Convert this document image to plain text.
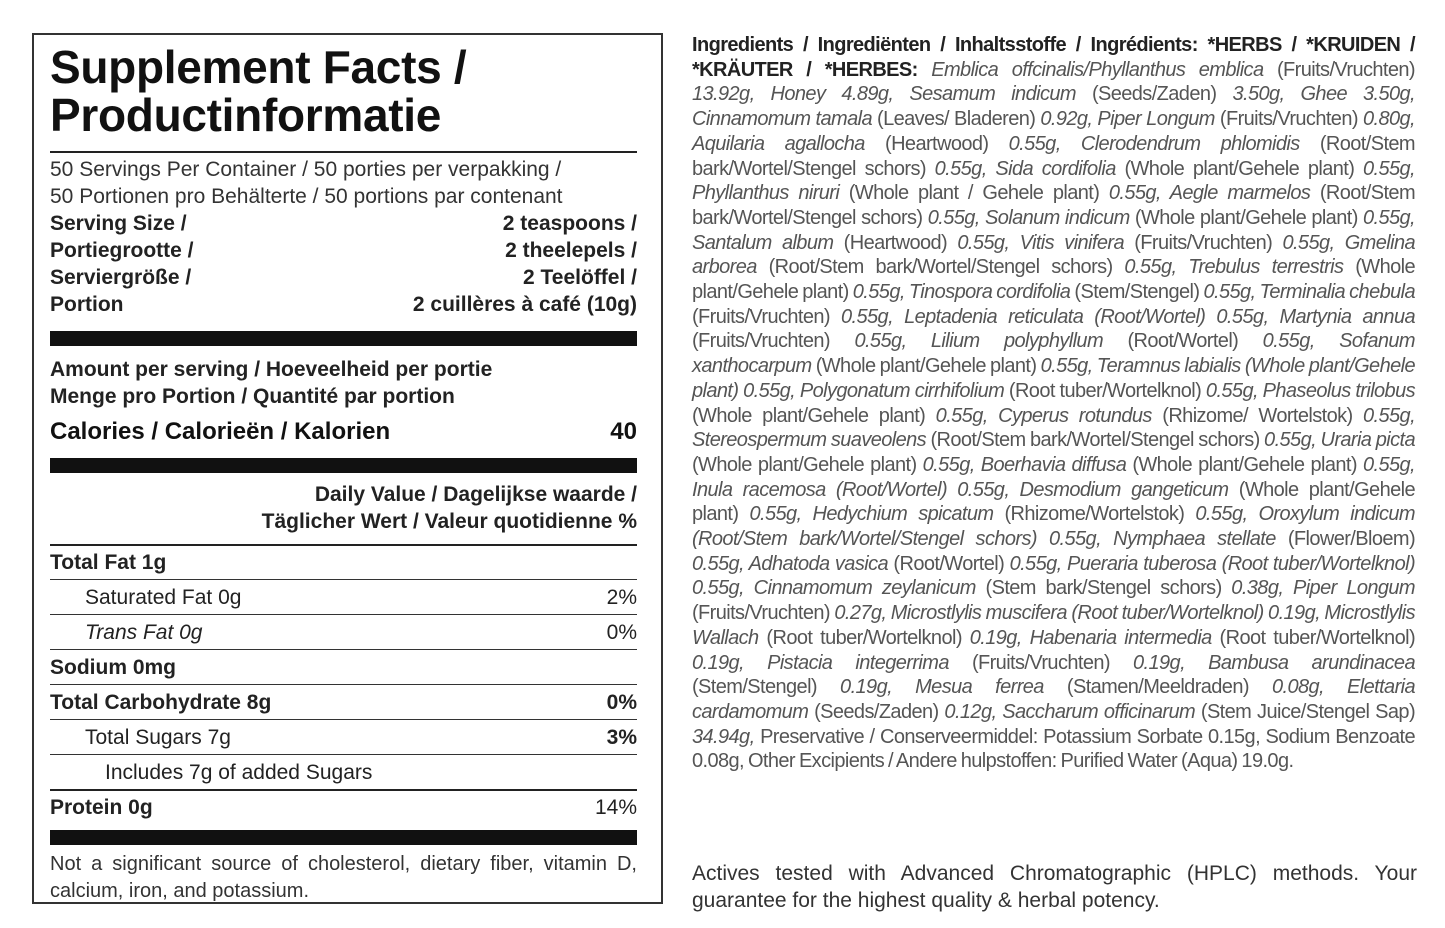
Supplement Facts /
Productinformatie
50 Servings Per Container / 50 porties per verpakking /
50 Portionen pro Behälterte / 50 portions par contenant
Serving Size /	2 teaspoons /
Portiegrootte /	2 theelepels /
Serviergröße /	2 Teelöffel /
Portion	2 cuillères à café (10g)
Amount per serving / Hoeveelheid per portie
Menge pro Portion / Quantité par portion
Calories / Calorieën / Kalorien	40
Daily Value / Dagelijkse waarde /
Täglicher Wert / Valeur quotidienne %
Total Fat 1g
Saturated Fat 0g	2%
Trans Fat 0g	0%
Sodium 0mg
Total Carbohydrate 8g	0%
Total Sugars 7g	3%
Includes 7g of added Sugars
Protein 0g	14%
Not a significant source of cholesterol, dietary fiber, vitamin D, calcium, iron, and potassium.
Ingredients / Ingrediënten / Inhaltsstoffe / Ingrédients: *HERBS / *KRUIDEN / *KRÄUTER / *HERBES: Emblica offcinalis/Phyllanthus emblica (Fruits/Vruchten) 13.92g, Honey 4.89g, Sesamum indicum (Seeds/Zaden) 3.50g, Ghee 3.50g, Cinnamomum tamala (Leaves/ Bladeren) 0.92g, Piper Longum (Fruits/Vruchten) 0.80g, Aquilaria agallocha (Heartwood) 0.55g, Clerodendrum phlomidis (Root/Stem bark/Wortel/Stengel schors) 0.55g, Sida cordifolia (Whole plant/Gehele plant) 0.55g, Phyllanthus niruri (Whole plant / Gehele plant) 0.55g, Aegle marmelos (Root/Stem bark/Wortel/Stengel schors) 0.55g, Solanum indicum (Whole plant/Gehele plant) 0.55g, Santalum album (Heartwood) 0.55g, Vitis vinifera (Fruits/Vruchten) 0.55g, Gmelina arborea (Root/Stem bark/Wortel/Stengel schors) 0.55g, Trebulus terrestris (Whole plant/Gehele plant) 0.55g, Tinospora cordifolia (Stem/Stengel) 0.55g, Terminalia chebula (Fruits/Vruchten) 0.55g, Leptadenia reticulata (Root/Wortel) 0.55g, Martynia annua (Fruits/Vruchten) 0.55g, Lilium polyphyllum (Root/Wortel) 0.55g, Sofanum xanthocarpum (Whole plant/Gehele plant) 0.55g, Teramnus labialis (Whole plant/Gehele plant) 0.55g, Polygonatum cirrhifolium (Root tuber/Wortelknol) 0.55g, Phaseolus trilobus (Whole plant/Gehele plant) 0.55g, Cyperus rotundus (Rhizome/ Wortelstok) 0.55g, Stereospermum suaveolens (Root/Stem bark/Wortel/Stengel schors) 0.55g, Uraria picta (Whole plant/Gehele plant) 0.55g, Boerhavia diffusa (Whole plant/Gehele plant) 0.55g, Inula racemosa (Root/Wortel) 0.55g, Desmodium gangeticum (Whole plant/Gehele plant) 0.55g, Hedychium spicatum (Rhizome/Wortelstok) 0.55g, Oroxylum indicum (Root/Stem bark/Wortel/Stengel schors) 0.55g, Nymphaea stellate (Flower/Bloem) 0.55g, Adhatoda vasica (Root/Wortel) 0.55g, Pueraria tuberosa (Root tuber/Wortelknol) 0.55g, Cinnamomum zeylanicum (Stem bark/Stengel schors) 0.38g, Piper Longum (Fruits/Vruchten) 0.27g, Microstlylis muscifera (Root tuber/Wortelknol) 0.19g, Microstlylis Wallach (Root tuber/Wortelknol) 0.19g, Habenaria intermedia (Root tuber/Wortelknol) 0.19g, Pistacia integerrima (Fruits/Vruchten) 0.19g, Bambusa arundinacea (Stem/Stengel) 0.19g, Mesua ferrea (Stamen/Meeldraden) 0.08g, Elettaria cardamomum (Seeds/Zaden) 0.12g, Saccharum officinarum (Stem Juice/Stengel Sap) 34.94g, Preservative / Conserveermiddel: Potassium Sorbate 0.15g, Sodium Benzoate 0.08g, Other Excipients / Andere hulpstoffen: Purified Water (Aqua) 19.0g.
Actives tested with Advanced Chromatographic (HPLC) methods. Your guarantee for the highest quality & herbal potency.
